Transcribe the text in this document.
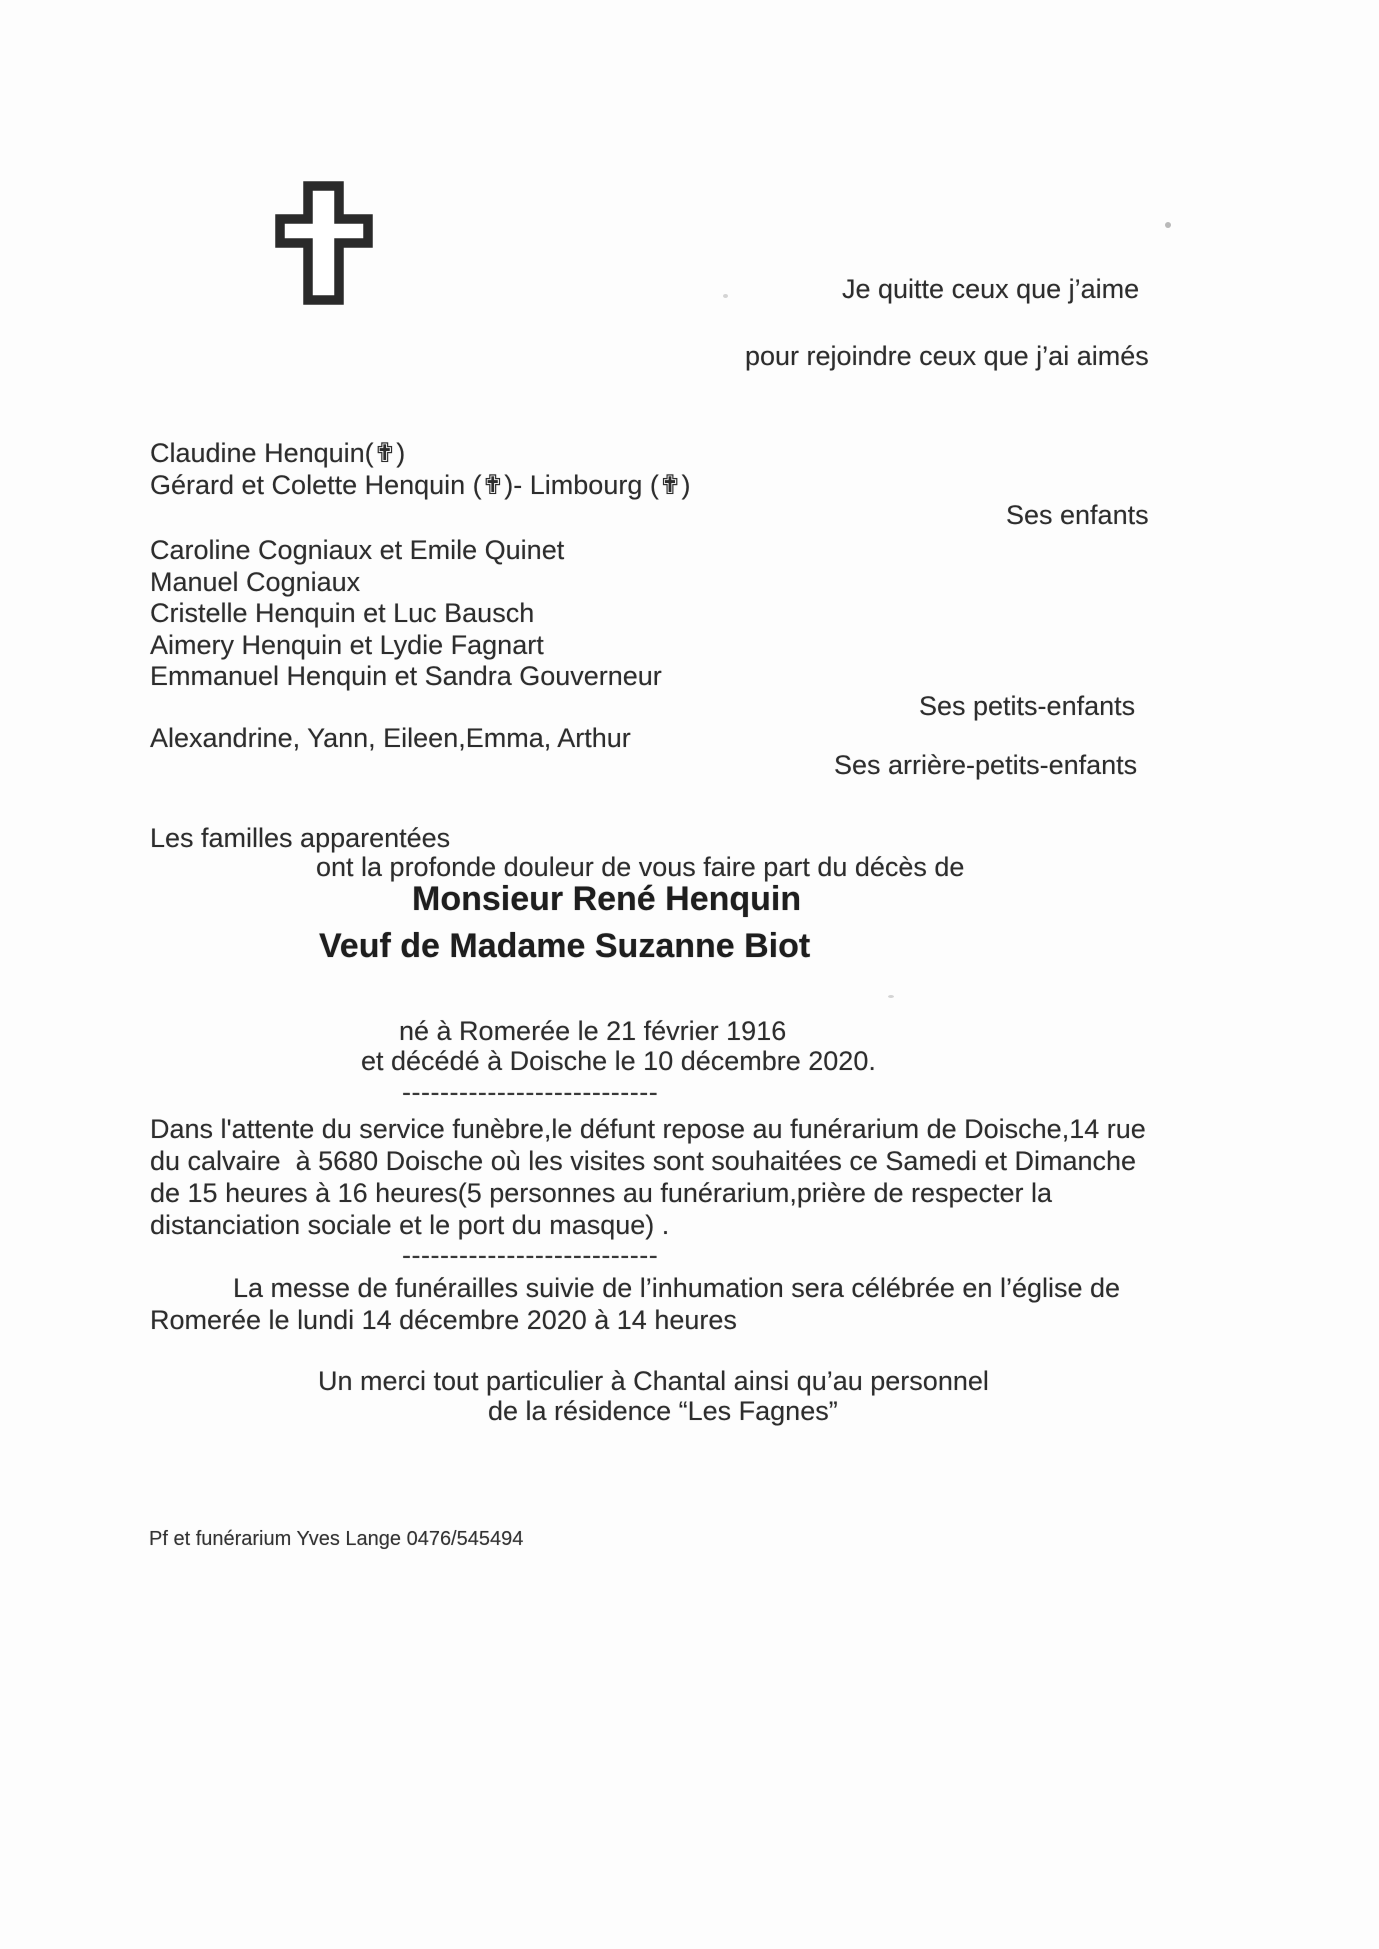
Je quitte ceux que j’aime
pour rejoindre ceux que j’ai aimés
Claudine Henquin(✟)
Gérard et Colette Henquin (✟)- Limbourg (✟)
Ses enfants
Caroline Cogniaux et Emile Quinet
Manuel Cogniaux
Cristelle Henquin et Luc Bausch
Aimery Henquin et Lydie Fagnart
Emmanuel Henquin et Sandra Gouverneur
Ses petits-enfants
Alexandrine, Yann, Eileen,Emma, Arthur
Ses arrière-petits-enfants
Les familles apparentées
ont la profonde douleur de vous faire part du décès de
Monsieur René Henquin
Veuf de Madame Suzanne Biot
né à Romerée le 21 février 1916
et décédé à Doische le 10 décembre 2020.
---------------------------
Dans l'attente du service funèbre,le défunt repose au funérarium de Doische,14 rue
du calvaire  à 5680 Doische où les visites sont souhaitées ce Samedi et Dimanche
de 15 heures à 16 heures(5 personnes au funérarium,prière de respecter la
distanciation sociale et le port du masque) .
---------------------------
La messe de funérailles suivie de l’inhumation sera célébrée en l’église de
Romerée le lundi 14 décembre 2020 à 14 heures
Un merci tout particulier à Chantal ainsi qu’au personnel
de la résidence “Les Fagnes”
Pf et funérarium Yves Lange 0476/545494
